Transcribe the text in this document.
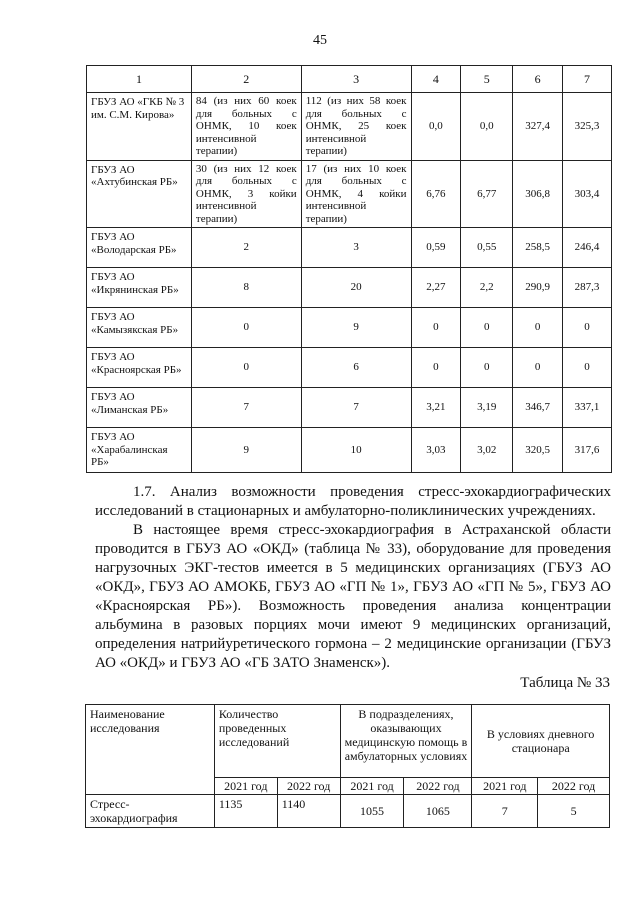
45
1	2	3	4	5	6	7
ГБУЗ АО «ГКБ № 3 им. С.М. Кирова»	84 (из них 60 коек для больных с ОНМК, 10 коек интенсивной терапии)	112 (из них 58 коек для больных с ОНМК, 25 коек интенсивной терапии)	0,0	0,0	327,4	325,3
ГБУЗ АО «Ахтубинская РБ»	30 (из них 12 коек для больных с ОНМК, 3 койки интенсивной терапии)	17 (из них 10 коек для больных с ОНМК, 4 койки интенсивной терапии)	6,76	6,77	306,8	303,4
ГБУЗ АО «Володарская РБ»	2	3	0,59	0,55	258,5	246,4
ГБУЗ АО «Икрянинская РБ»	8	20	2,27	2,2	290,9	287,3
ГБУЗ АО «Камызякская РБ»	0	9	0	0	0	0
ГБУЗ АО «Красноярская РБ»	0	6	0	0	0	0
ГБУЗ АО «Лиманская РБ»	7	7	3,21	3,19	346,7	337,1
ГБУЗ АО «Харабалинская РБ»	9	10	3,03	3,02	320,5	317,6

1.7. Анализ возможности проведения стресс-эхокардиографических исследований в стационарных и амбулаторно-поликлинических учреждениях.

В настоящее время стресс-эхокардиография в Астраханской области проводится в ГБУЗ АО «ОКД» (таблица № 33), оборудование для проведения нагрузочных ЭКГ-тестов имеется в 5 медицинских организациях (ГБУЗ АО «ОКД», ГБУЗ АО АМОКБ, ГБУЗ АО «ГП № 1», ГБУЗ АО «ГП № 5», ГБУЗ АО «Красноярская РБ»). Возможность проведения анализа концентрации альбумина в разовых порциях мочи имеют 9 медицинских организаций, определения натрийуретического гормона – 2 медицинские организации (ГБУЗ АО «ОКД» и ГБУЗ АО «ГБ ЗАТО Знаменск»).

Таблица № 33
Наименование исследования	Количество проведенных исследований		В подразделениях, оказывающих медицинскую помощь в амбулаторных условиях		В условиях дневного стационара	
	2021 год	2022 год	2021 год	2022 год	2021 год	2022 год
Стресс-эхокардиография	1135	1140	1055	1065	7	5
